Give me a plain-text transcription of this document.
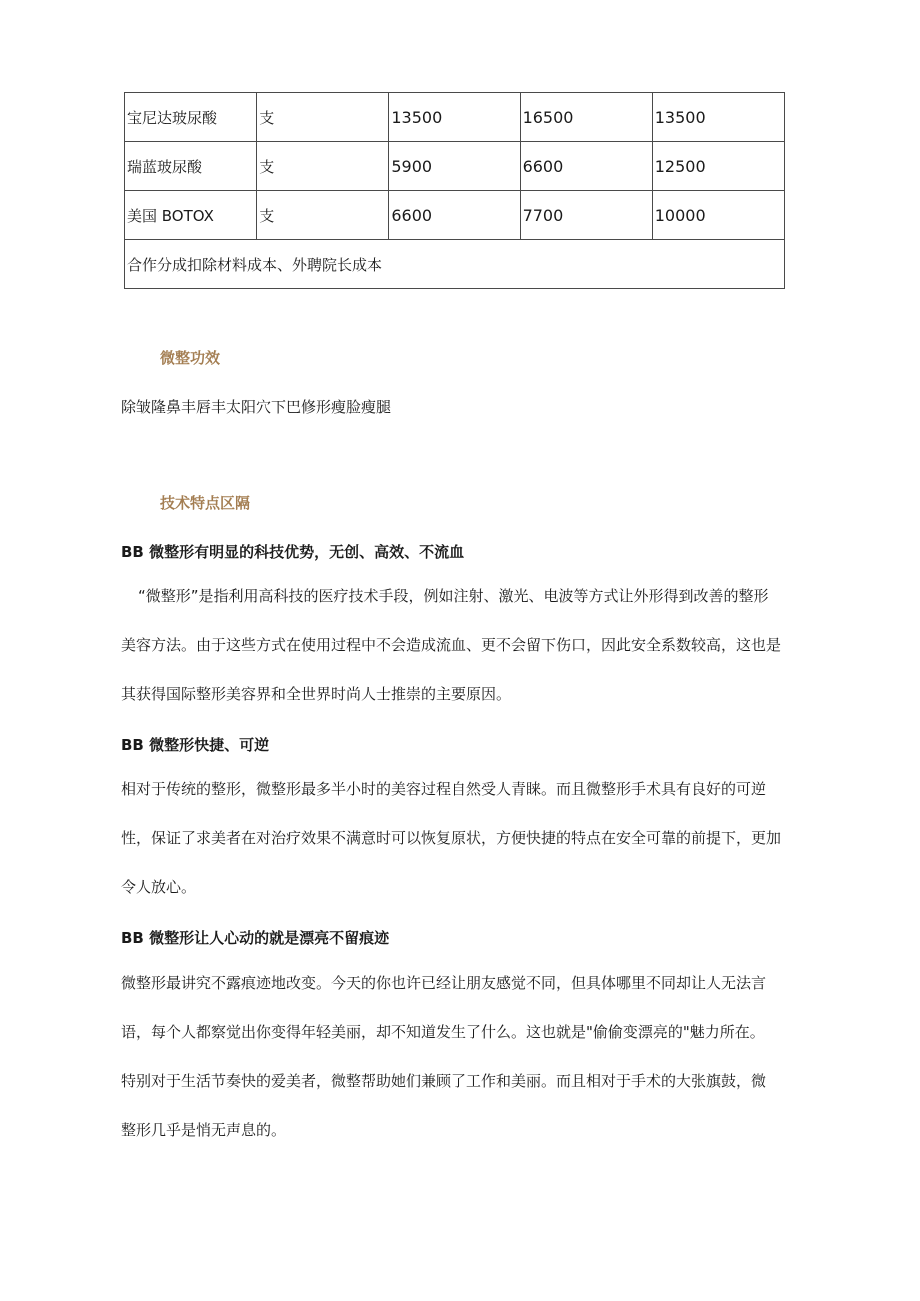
宝尼达玻尿酸	支	13500	16500	13500
瑞蓝玻尿酸	支	5900	6600	12500
美国 BOTOX	支	6600	7700	10000
合作分成扣除材料成本、外聘院长成本				
微整功效
除皱隆鼻丰唇丰太阳穴下巴修形瘦脸瘦腿
技术特点区隔
BB 微整形有明显的科技优势，无创、高效、不流血
“微整形”是指利用高科技的医疗技术手段，例如注射、激光、电波等方式让外形得到改善的整形
美容方法。由于这些方式在使用过程中不会造成流血、更不会留下伤口，因此安全系数较高，这也是
其获得国际整形美容界和全世界时尚人士推崇的主要原因。
BB 微整形快捷、可逆
相对于传统的整形，微整形最多半小时的美容过程自然受人青睐。而且微整形手术具有良好的可逆
性，保证了求美者在对治疗效果不满意时可以恢复原状，方便快捷的特点在安全可靠的前提下，更加
令人放心。
BB 微整形让人心动的就是漂亮不留痕迹
微整形最讲究不露痕迹地改变。今天的你也许已经让朋友感觉不同，但具体哪里不同却让人无法言
语，每个人都察觉出你变得年轻美丽，却不知道发生了什么。这也就是"偷偷变漂亮的"魅力所在。
特别对于生活节奏快的爱美者，微整帮助她们兼顾了工作和美丽。而且相对于手术的大张旗鼓，微
整形几乎是悄无声息的。
